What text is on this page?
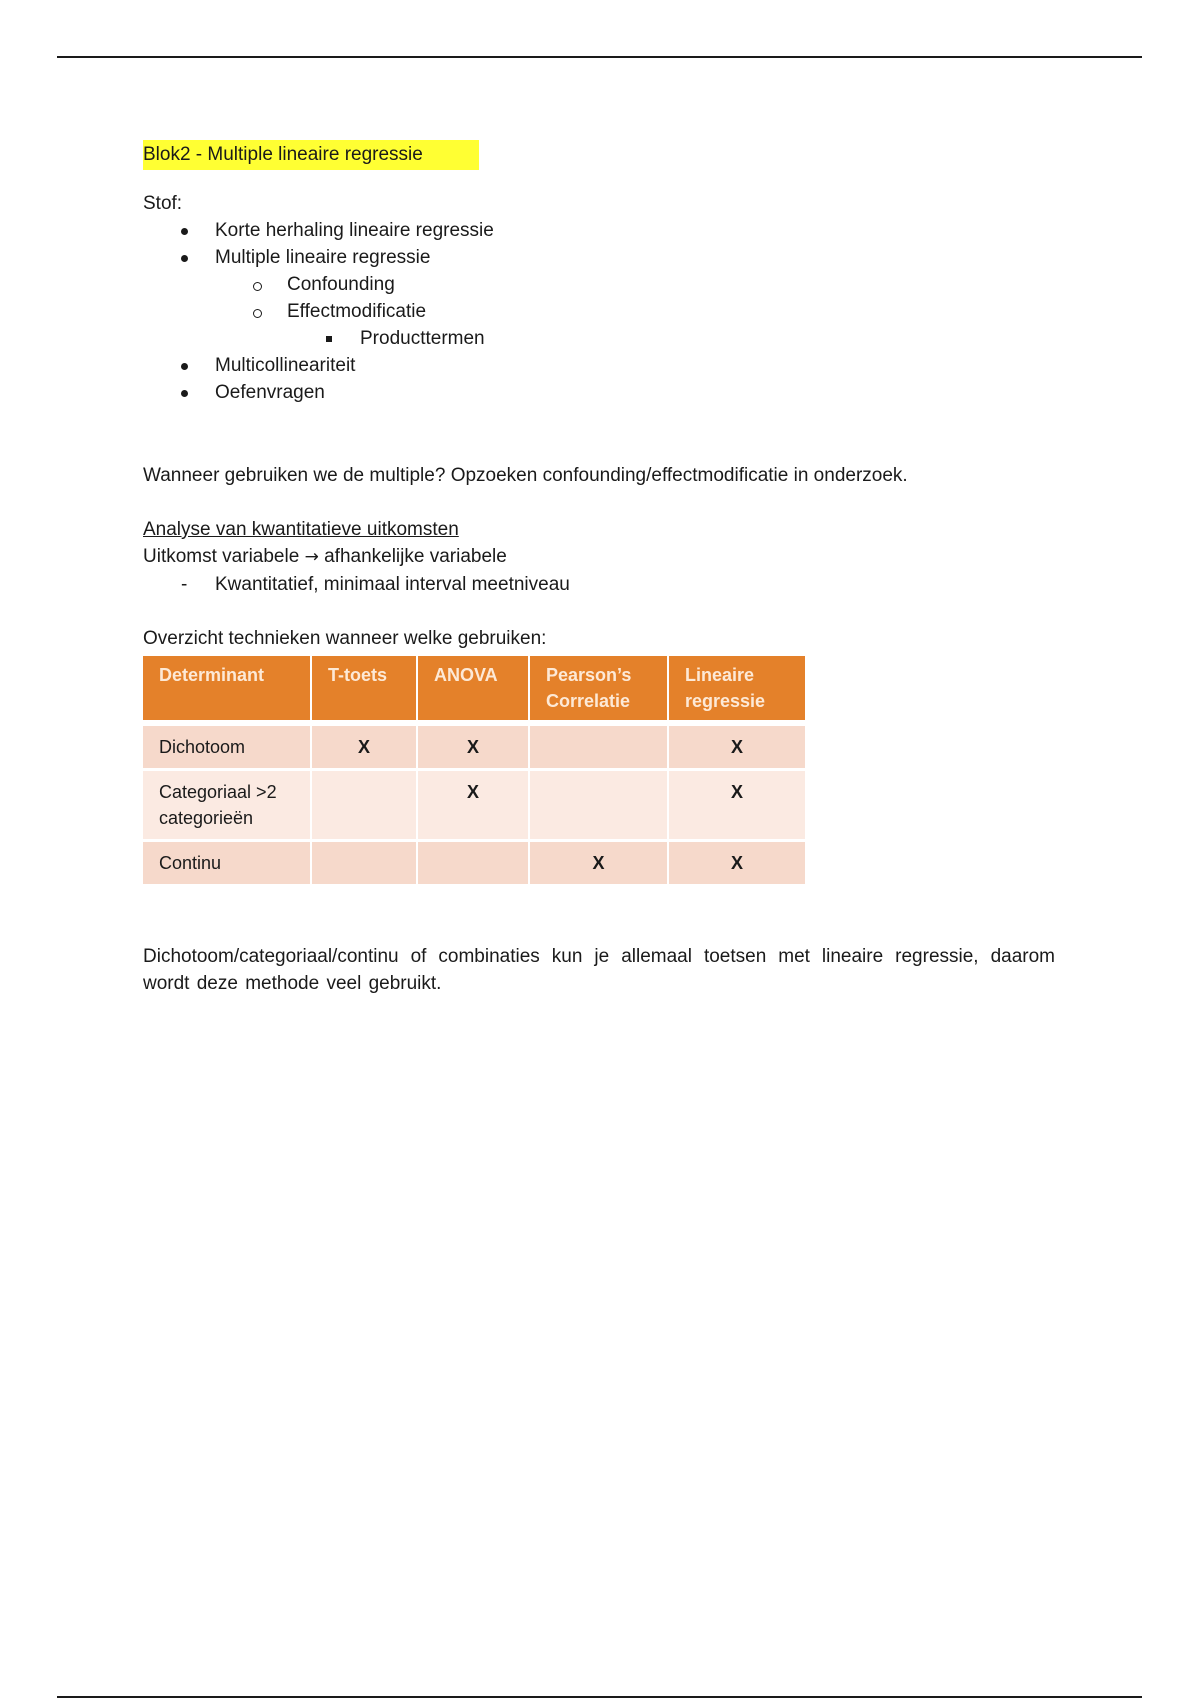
Blok2 - Multiple lineaire regressie

Stof:

Korte herhaling lineaire regressie
Multiple lineaire regressie
Confounding
Effectmodificatie
Producttermen
Multicollineariteit
Oefenvragen

Wanneer gebruiken we de multiple? Opzoeken confounding/effectmodificatie in onderzoek.

Analyse van kwantitatieve uitkomsten

Uitkomst variabele → afhankelijke variabele

- Kwantitatief, minimaal interval meetniveau

Overzicht technieken wanneer welke gebruiken:

Determinant	T-toets	ANOVA	Pearson’s Correlatie	Lineaire regressie
Dichotoom	X	X		X
Categoriaal >2 categorieën		X		X
Continu			X	X

Dichotoom/categoriaal/continu of combinaties kun je allemaal toetsen met lineaire regressie, daarom wordt deze methode veel gebruikt.
